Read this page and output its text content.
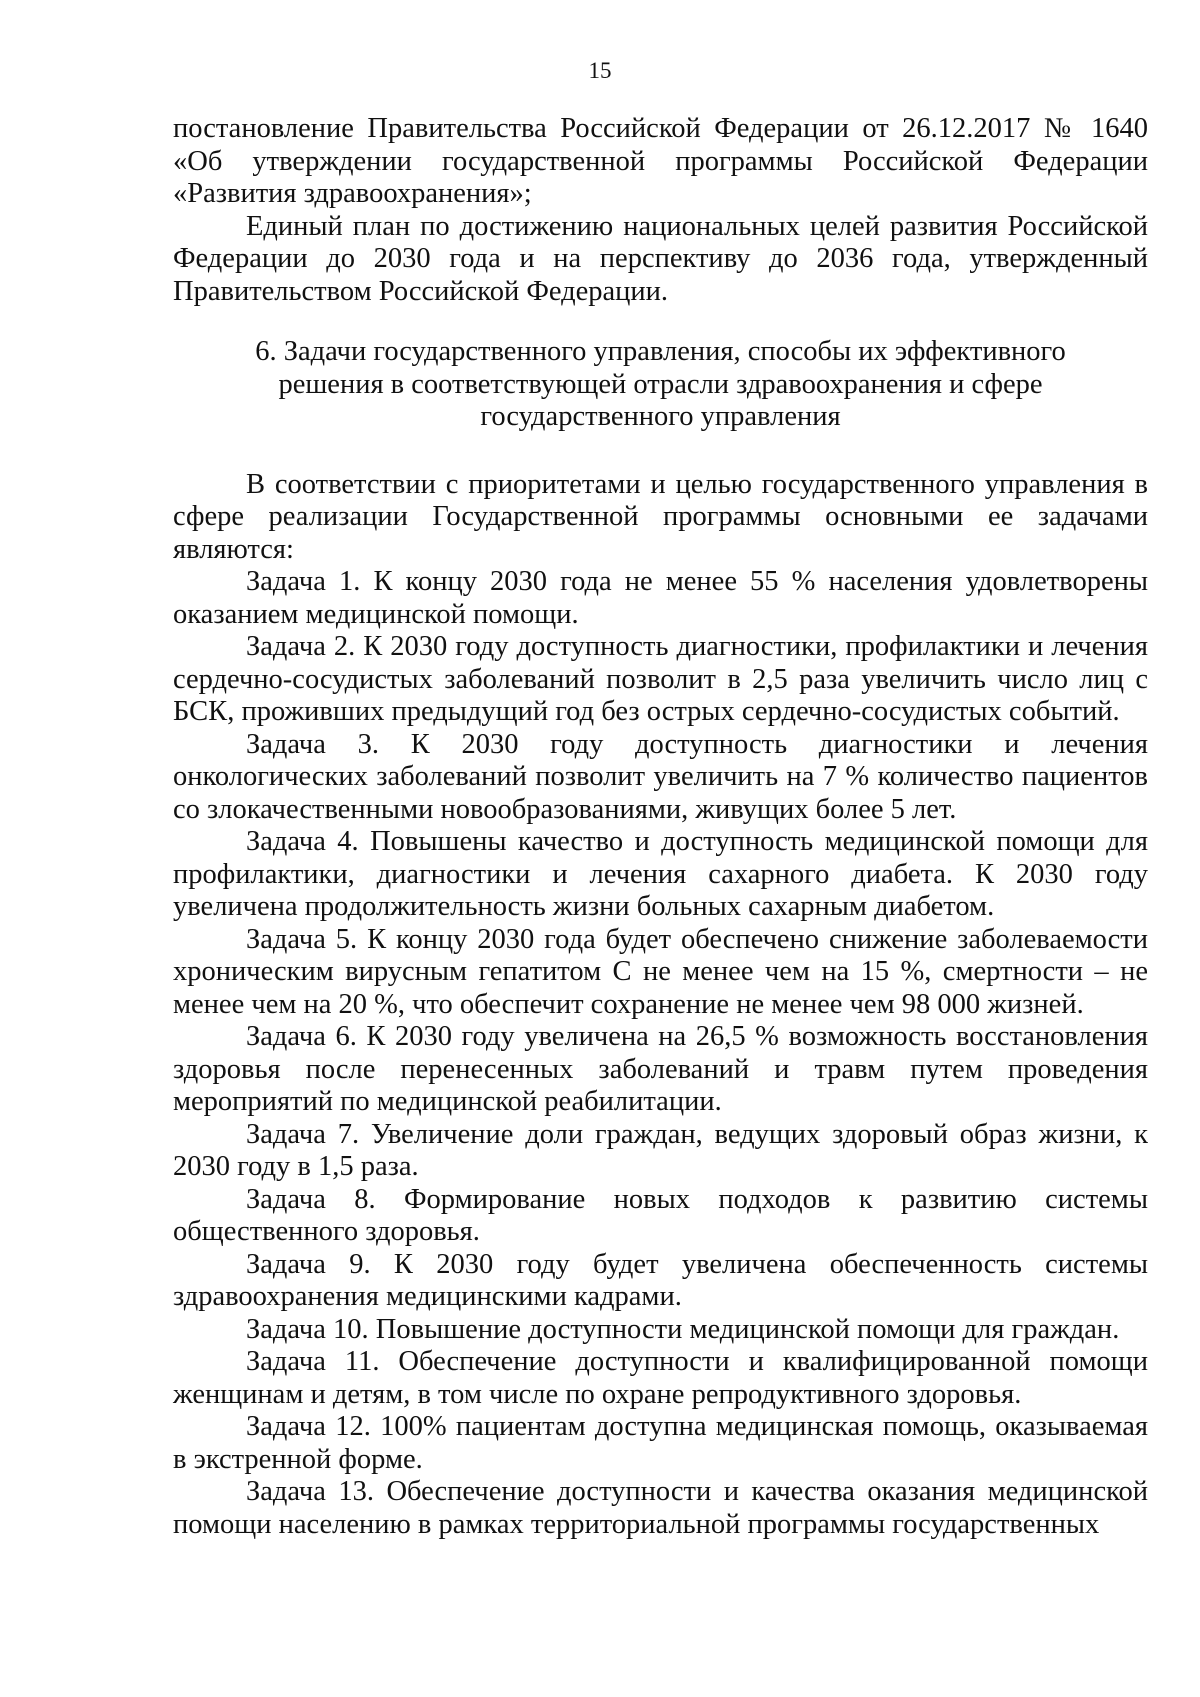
15

постановление Правительства Российской Федерации от 26.12.2017 № 1640 «Об утверждении государственной программы Российской Федерации «Развития здравоохранения»;

Единый план по достижению национальных целей развития Российской Федерации до 2030 года и на перспективу до 2036 года, утвержденный Правительством Российской Федерации.

6. Задачи государственного управления, способы их эффективного
решения в соответствующей отрасли здравоохранения и сфере
государственного управления

В соответствии с приоритетами и целью государственного управления в сфере реализации Государственной программы основными ее задачами являются:

Задача 1. К концу 2030 года не менее 55 % населения удовлетворены оказанием медицинской помощи.

Задача 2. К 2030 году доступность диагностики, профилактики и лечения сердечно-сосудистых заболеваний позволит в 2,5 раза увеличить число лиц с БСК, проживших предыдущий год без острых сердечно-сосудистых событий.

Задача 3. К 2030 году доступность диагностики и лечения онкологических заболеваний позволит увеличить на 7 % количество пациентов со злокачественными новообразованиями, живущих более 5 лет.

Задача 4. Повышены качество и доступность медицинской помощи для профилактики, диагностики и лечения сахарного диабета. К 2030 году увеличена продолжительность жизни больных сахарным диабетом.

Задача 5. К концу 2030 года будет обеспечено снижение заболеваемости хроническим вирусным гепатитом С не менее чем на 15 %, смертности – не менее чем на 20 %, что обеспечит сохранение не менее чем 98 000 жизней.

Задача 6. К 2030 году увеличена на 26,5 % возможность восстановления здоровья после перенесенных заболеваний и травм путем проведения мероприятий по медицинской реабилитации.

Задача 7. Увеличение доли граждан, ведущих здоровый образ жизни, к 2030 году в 1,5 раза.

Задача 8. Формирование новых подходов к развитию системы общественного здоровья.

Задача 9. К 2030 году будет увеличена обеспеченность системы здравоохранения медицинскими кадрами.

Задача 10. Повышение доступности медицинской помощи для граждан.

Задача 11. Обеспечение доступности и квалифицированной помощи женщинам и детям, в том числе по охране репродуктивного здоровья.

Задача 12. 100% пациентам доступна медицинская помощь, оказываемая в экстренной форме.

Задача 13. Обеспечение доступности и качества оказания медицинской помощи населению в рамках территориальной программы государственных
